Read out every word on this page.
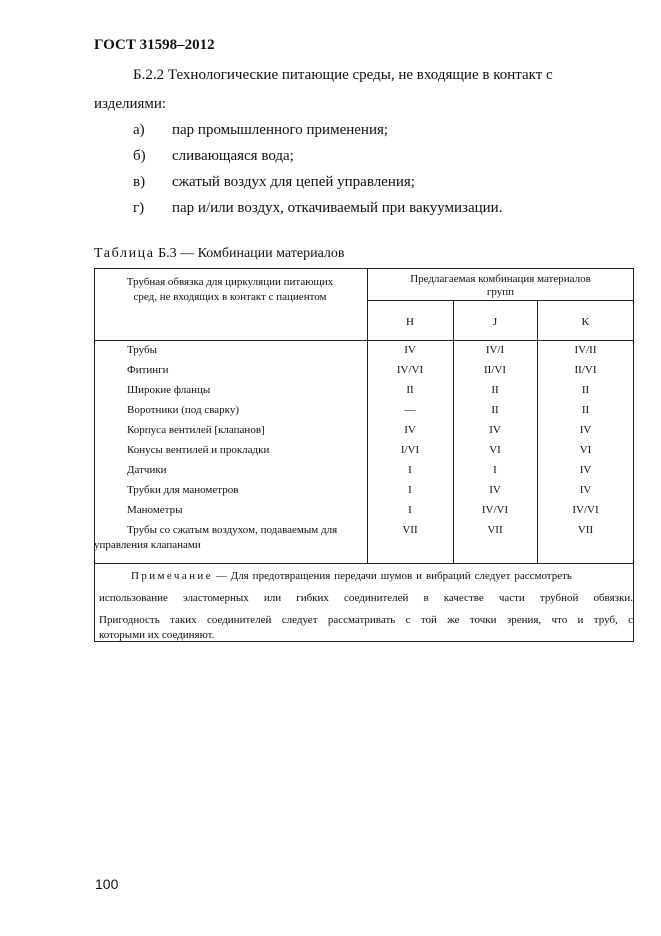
ГОСТ 31598–2012
Б.2.2 Технологические питающие среды, не входящие в контакт с
изделиями:
а) пар промышленного применения;
б) сливающаяся вода;
в) сжатый воздух для цепей управления;
г) пар и/или воздух, откачиваемый при вакуумизации.
Таблица Б.3 — Комбинации материалов
Трубная обвязка для циркуляции питающих
сред, не входящих в контакт с пациентом
Предлагаемая комбинация материалов
групп
H	J	K
Трубы	IV	IV/I	IV/II
Фитинги	IV/VI	II/VI	II/VI
Широкие фланцы	II	II	II
Воротники (под сварку)	—	II	II
Корпуса вентилей [клапанов]	IV	IV	IV
Конусы вентилей и прокладки	I/VI	VI	VI
Датчики	I	I	IV
Трубки для манометров	I	IV	IV
Манометры	I	IV/VI	IV/VI
Трубы со сжатым воздухом, подаваемым для
управления клапанами
VII	VII	VII
Примечание — Для предотвращения передачи шумов и вибраций следует рассмотреть
использование эластомерных или гибких соединителей в качестве части трубной обвязки.
Пригодность таких соединителей следует рассматривать с той же точки зрения, что и труб, с
которыми их соединяют.
100
